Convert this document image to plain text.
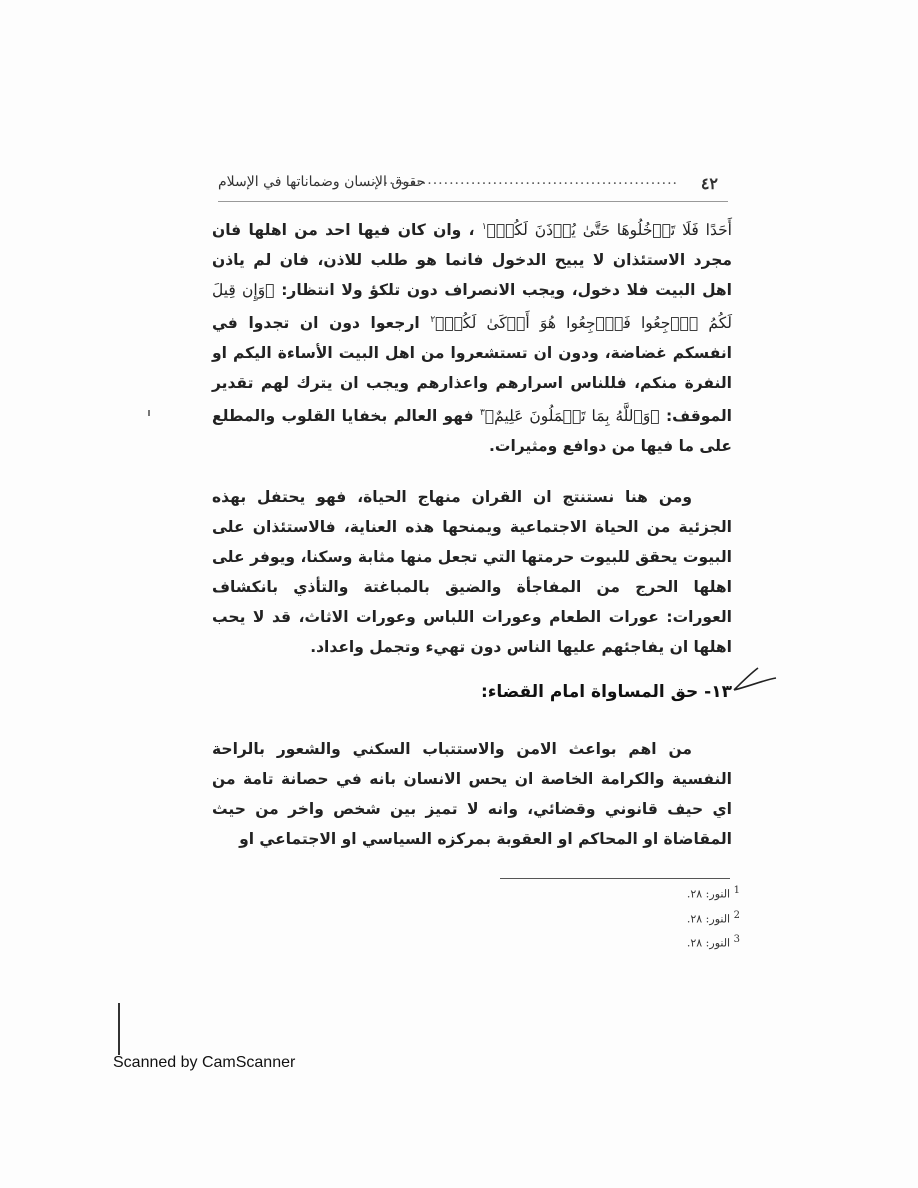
٤٢
........................................................
حقوق الإنسان وضماناتها في الإسلام

أَحَدًا فَلَا تَدۡخُلُوهَا حَتَّىٰ يُؤۡذَنَ لَكُمۡ﴾$^١$ ، وان كان فيها احد من اهلها فان مجرد الاستئذان لا يبيح الدخول فانما هو طلب للاذن، فان لم ياذن اهل البيت فلا دخول، ويجب الانصراف دون تلكؤ ولا انتظار: ﴿وَإِن قِيلَ لَكُمُ ٱرۡجِعُوا فَٱرۡجِعُوا هُوَ أَزۡكَىٰ لَكُمۡ﴾$^٢$ ارجعوا دون ان تجدوا في انفسكم غضاضة، ودون ان تستشعروا من اهل البيت الأساءة اليكم او النفرة منكم، فللناس اسرارهم واعذارهم ويجب ان يترك لهم تقدير الموقف: ﴿وَٱللَّهُ بِمَا تَعۡمَلُونَ عَلِيمٌ﴾$^٣$ فهو العالم بخفايا القلوب والمطلع على ما فيها من دوافع ومثيرات.

ومن هنا نستنتج ان القران منهاج الحياة، فهو يحتفل بهذه الجزئية من الحياة الاجتماعية ويمنحها هذه العناية، فالاستئذان على البيوت يحقق للبيوت حرمتها التي تجعل منها مثابة وسكنا، ويوفر على اهلها الحرج من المفاجأة والضيق بالمباغتة والتأذي بانكشاف العورات: عورات الطعام وعورات اللباس وعورات الاثاث، قد لا يحب اهلها ان يفاجئهم عليها الناس دون تهيء وتجمل واعداد.

١٣- حق المساواة امام القضاء:

من اهم بواعث الامن والاستتباب السكني والشعور بالراحة النفسية والكرامة الخاصة ان يحس الانسان بانه في حصانة تامة من اي حيف قانوني وقضائي، وانه لا تميز بين شخص واخر من حيث المقاضاة او المحاكم او العقوبة بمركزه السياسي او الاجتماعي او

$^1$ النور: ٢٨.
$^2$ النور: ٢٨.
$^3$ النور: ٢٨.
Scanned by CamScanner
